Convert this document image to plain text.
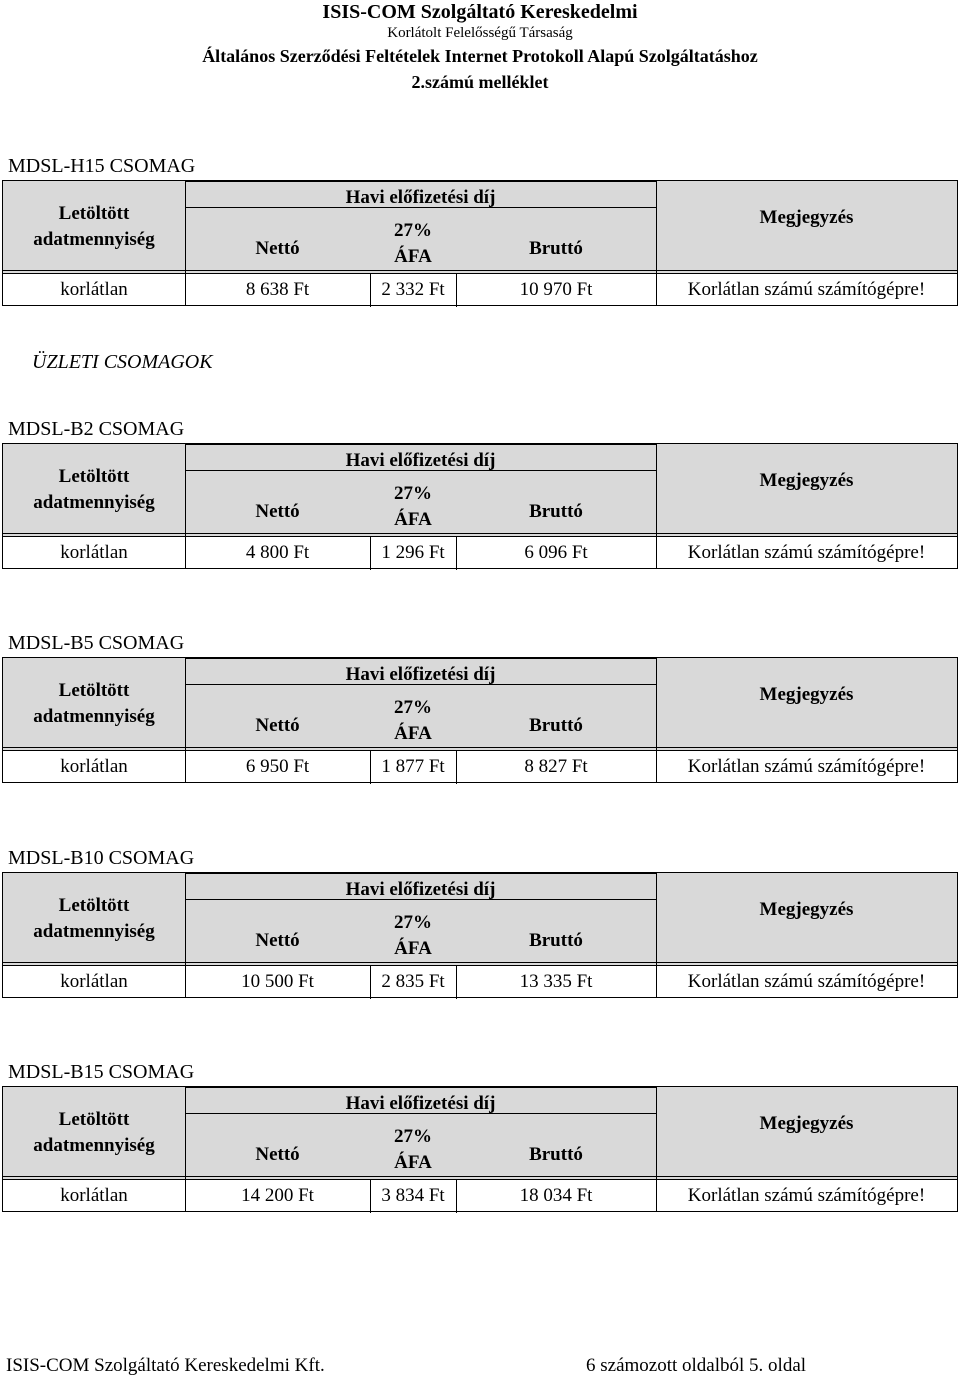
ISIS-COM Szolgáltató Kereskedelmi
Korlátolt Felelősségű Társaság
Általános Szerződési Feltételek Internet Protokoll Alapú Szolgáltatáshoz
2.számú melléklet
ÜZLETI CSOMAGOK
MDSL-H15 CSOMAG
Letöltött
adatmennyiség
Havi előfizetési díj
Nettó
27%
ÁFA	Bruttó
Megjegyzés
korlátlan	8 638 Ft	2 332 Ft	10 970 Ft	Korlátlan számú számítógépre!
MDSL-B2 CSOMAG
Letöltött
adatmennyiség
Havi előfizetési díj
Nettó
27%
ÁFA	Bruttó
Megjegyzés
korlátlan	4 800 Ft	1 296 Ft	6 096 Ft	Korlátlan számú számítógépre!
MDSL-B5 CSOMAG
Letöltött
adatmennyiség
Havi előfizetési díj
Nettó
27%
ÁFA	Bruttó
Megjegyzés
korlátlan	6 950 Ft	1 877 Ft	8 827 Ft	Korlátlan számú számítógépre!
MDSL-B10 CSOMAG
Letöltött
adatmennyiség
Havi előfizetési díj
Nettó
27%
ÁFA	Bruttó
Megjegyzés
korlátlan	10 500 Ft	2 835 Ft	13 335 Ft	Korlátlan számú számítógépre!
MDSL-B15 CSOMAG
Letöltött
adatmennyiség
Havi előfizetési díj
Nettó
27%
ÁFA	Bruttó
Megjegyzés
korlátlan	14 200 Ft	3 834 Ft	18 034 Ft	Korlátlan számú számítógépre!
ISIS-COM Szolgáltató Kereskedelmi Kft.	6 számozott oldalból 5. oldal
